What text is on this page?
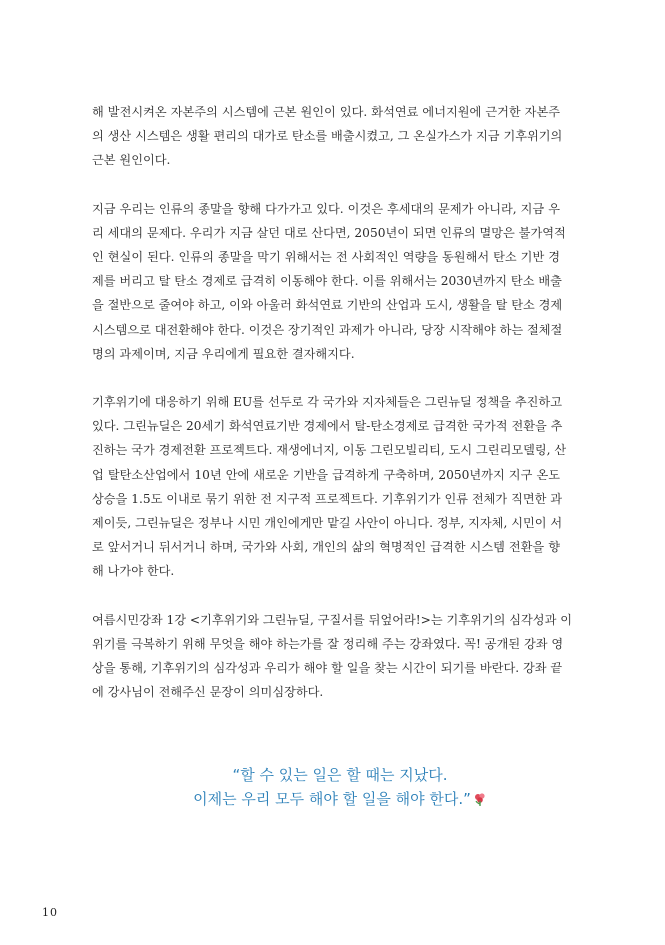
해 발전시켜온 자본주의 시스템에 근본 원인이 있다. 화석연료 에너지원에 근거한 자본주
의 생산 시스템은 생활 편리의 대가로 탄소를 배출시켰고, 그 온실가스가 지금 기후위기의
근본 원인이다.

지금 우리는 인류의 종말을 향해 다가가고 있다. 이것은 후세대의 문제가 아니라, 지금 우
리 세대의 문제다. 우리가 지금 살던 대로 산다면, 2050년이 되면 인류의 멸망은 불가역적
인 현실이 된다. 인류의 종말을 막기 위해서는 전 사회적인 역량을 동원해서 탄소 기반 경
제를 버리고 탈 탄소 경제로 급격히 이동해야 한다. 이를 위해서는 2030년까지 탄소 배출
을 절반으로 줄여야 하고, 이와 아울러 화석연료 기반의 산업과 도시, 생활을 탈 탄소 경제
시스템으로 대전환해야 한다. 이것은 장기적인 과제가 아니라, 당장 시작해야 하는 절체절
명의 과제이며, 지금 우리에게 필요한 결자해지다.

기후위기에 대응하기 위해 EU를 선두로 각 국가와 지자체들은 그린뉴딜 정책을 추진하고
있다. 그린뉴딜은 20세기 화석연료기반 경제에서 탈-탄소경제로 급격한 국가적 전환을 추
진하는 국가 경제전환 프로젝트다. 재생에너지, 이동 그린모빌리티, 도시 그린리모델링, 산
업 탈탄소산업에서 10년 안에 새로운 기반을 급격하게 구축하며, 2050년까지 지구 온도
상승을 1.5도 이내로 묶기 위한 전 지구적 프로젝트다. 기후위기가 인류 전체가 직면한 과
제이듯, 그린뉴딜은 정부나 시민 개인에게만 맡길 사안이 아니다. 정부, 지자체, 시민이 서
로 앞서거니 뒤서거니 하며, 국가와 사회, 개인의 삶의 혁명적인 급격한 시스템 전환을 향
해 나가야 한다.

여름시민강좌 1강 <기후위기와 그린뉴딜, 구질서를 뒤엎어라!>는 기후위기의 심각성과 이
위기를 극복하기 위해 무엇을 해야 하는가를 잘 정리해 주는 강좌였다. 꼭! 공개된 강좌 영
상을 통해, 기후위기의 심각성과 우리가 해야 할 일을 찾는 시간이 되기를 바란다. 강좌 끝
에 강사님이 전해주신 문장이 의미심장하다.

“할 수 있는 일은 할 때는 지났다.
이제는 우리 모두 해야 할 일을 해야 한다.”
10
